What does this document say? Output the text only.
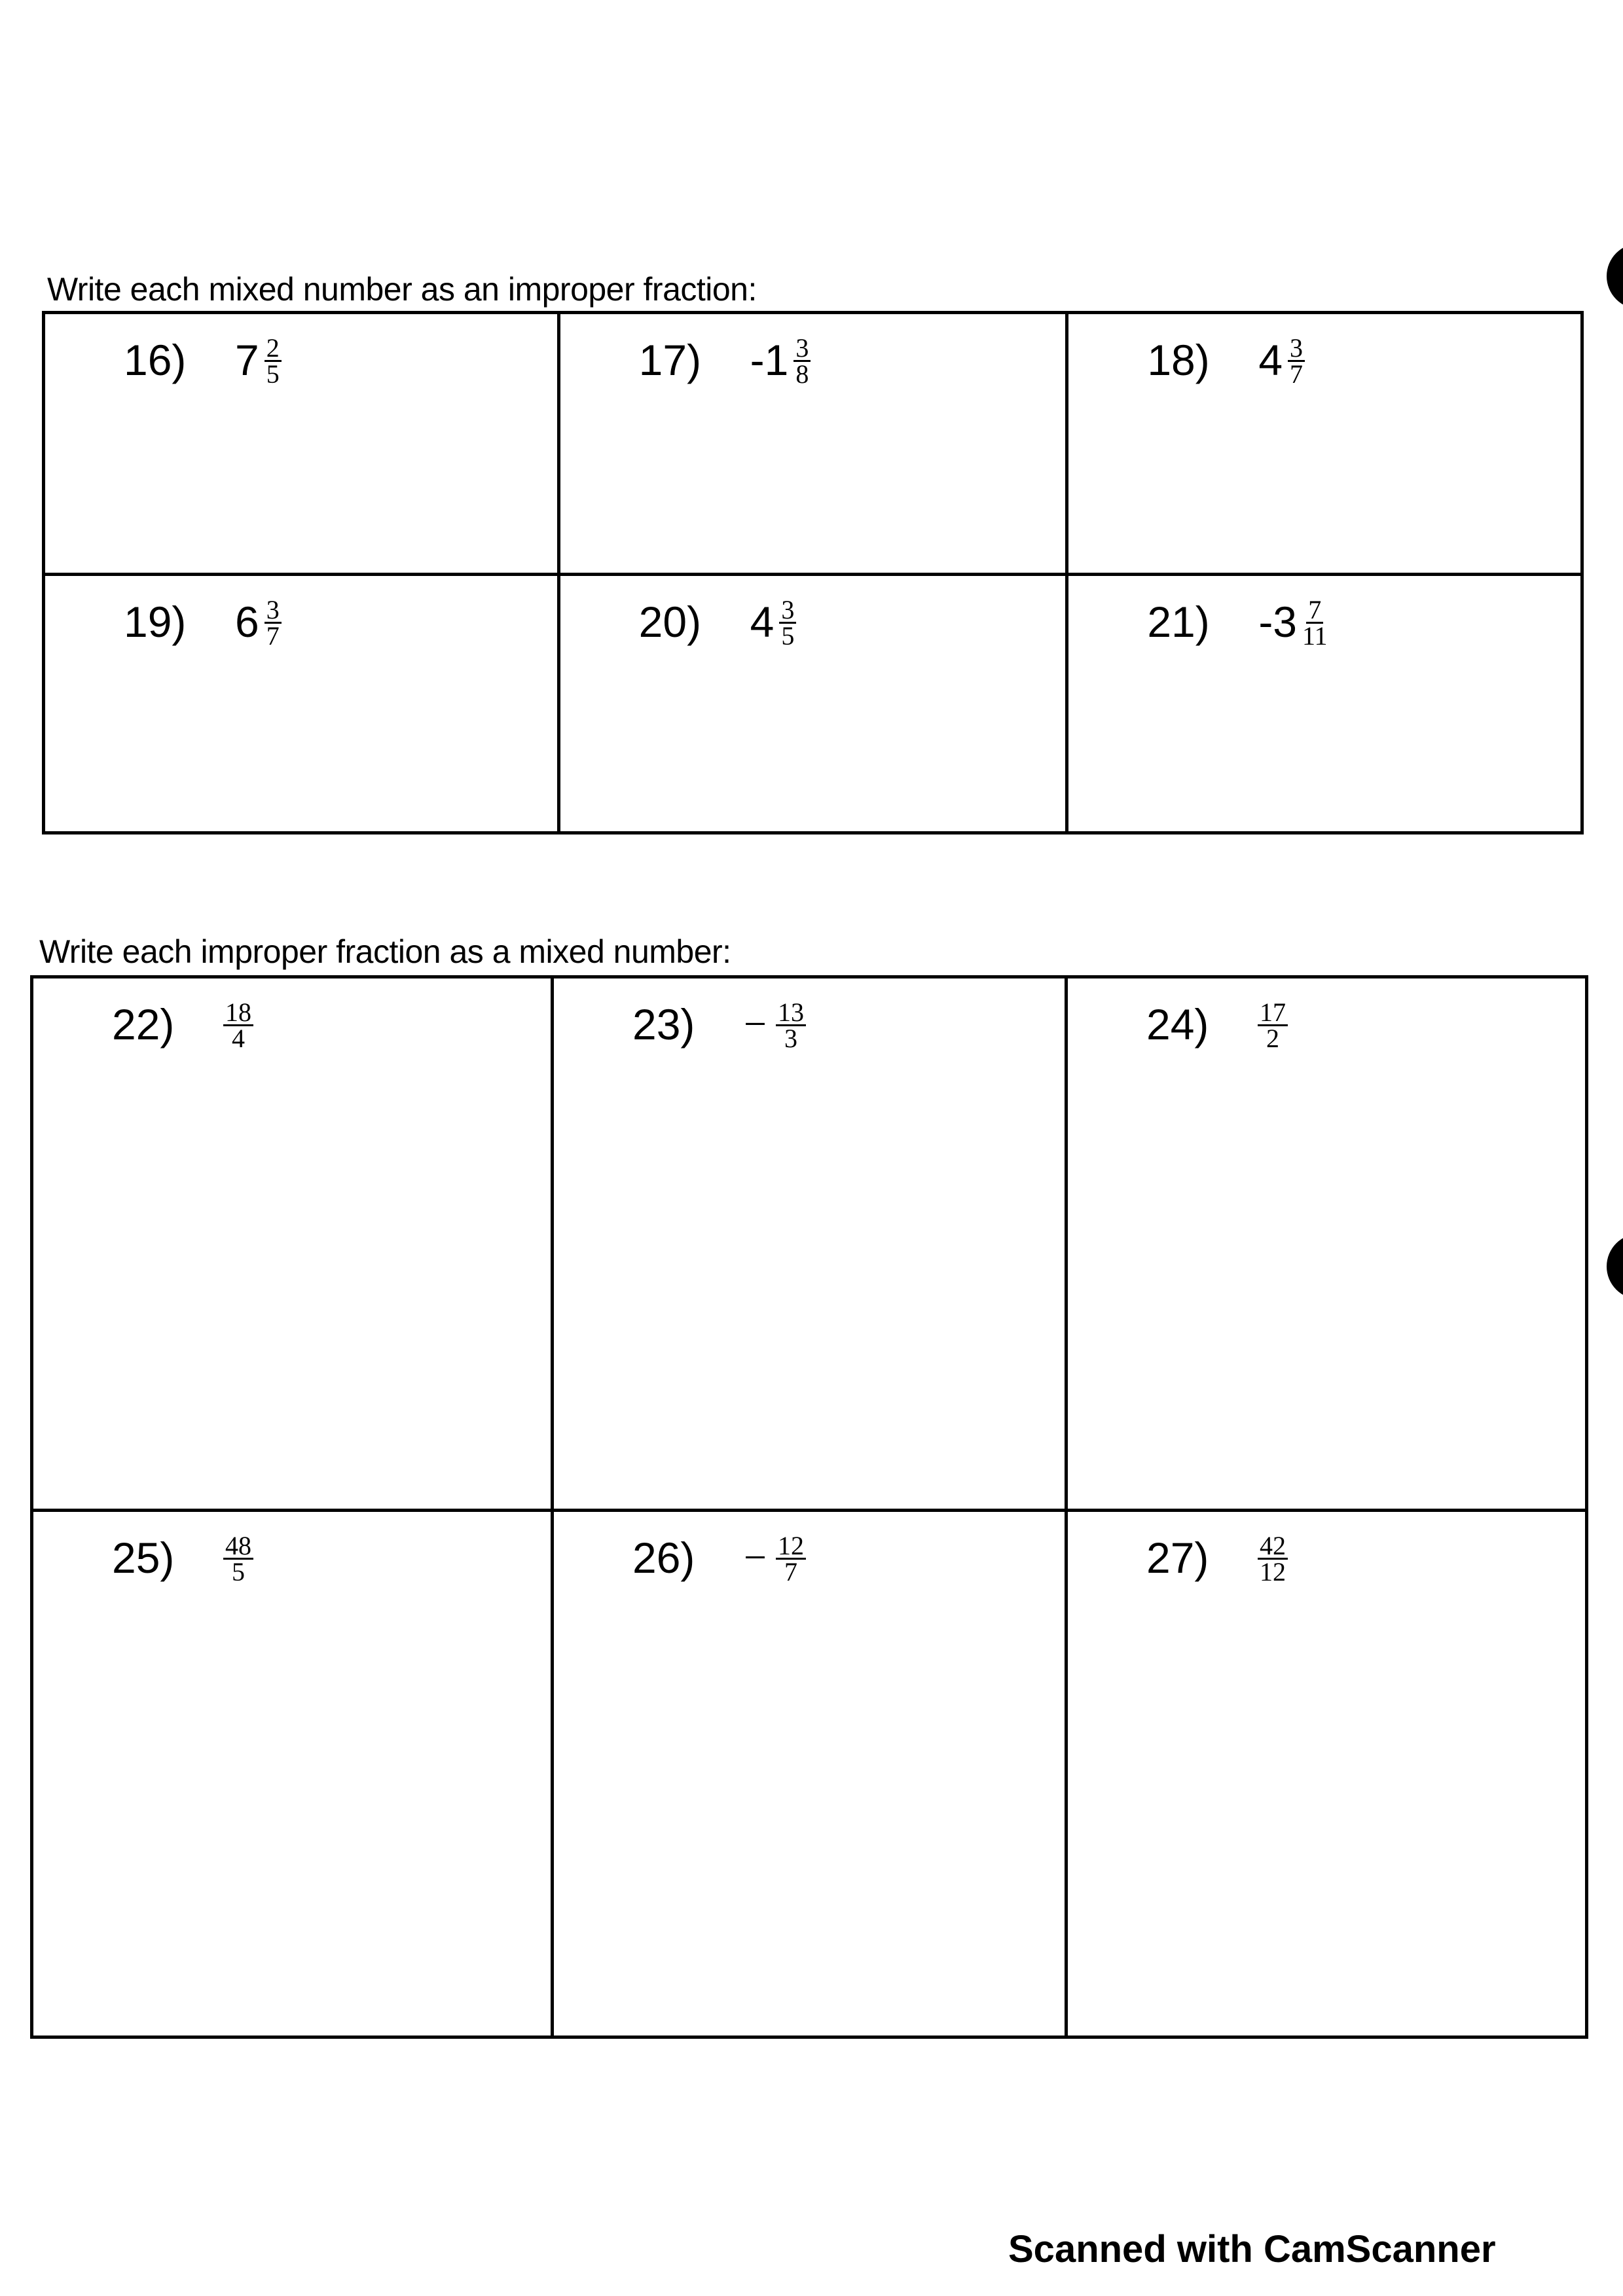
Write each mixed number as an improper fraction:
16)	$7 \frac{2}{5}$	17)	$-1 \frac{3}{8}$	18)	$4 \frac{3}{7}$
19)	$6 \frac{3}{7}$	20)	$4 \frac{3}{5}$	21)	$-3 \frac{7}{11}$
Write each improper fraction as a mixed number:
22)	$\frac{18}{4}$	23)	− $\frac{13}{3}$	24)	$\frac{17}{2}$
25)	$\frac{48}{5}$	26)	− $\frac{12}{7}$	27)	$\frac{42}{12}$
Scanned with CamScanner
